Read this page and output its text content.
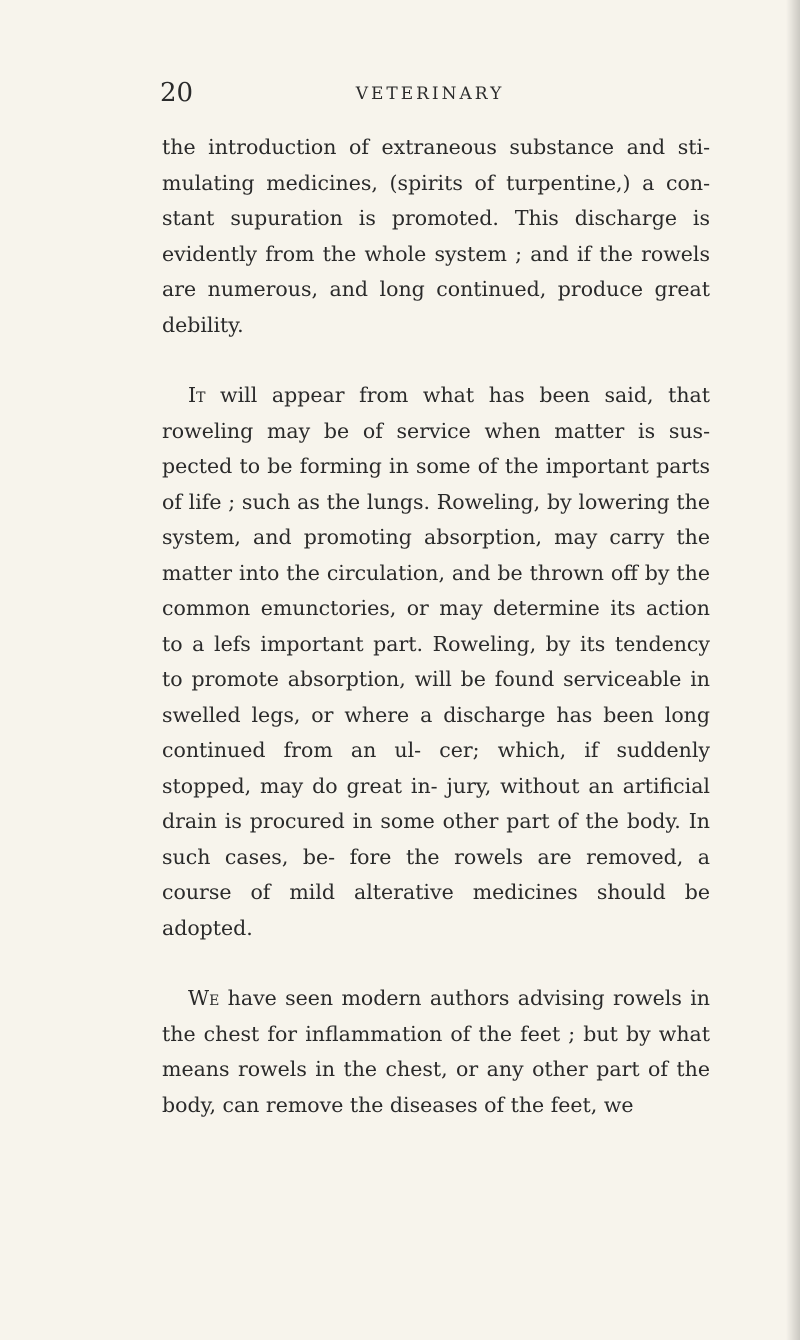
20	VETERINARY

the introduction of extraneous substance and sti- mulating medicines, (spirits of turpentine,) a con- stant supuration is promoted. This discharge is evidently from the whole system ; and if the rowels are numerous, and long continued, produce great debility.

It will appear from what has been said, that roweling may be of service when matter is sus- pected to be forming in some of the important parts of life ; such as the lungs. Roweling, by lowering the system, and promoting absorption, may carry the matter into the circulation, and be thrown off by the common emunctories, or may determine its action to a lefs important part. Roweling, by its tendency to promote absorption, will be found serviceable in swelled legs, or where a discharge has been long continued from an ul- cer; which, if suddenly stopped, may do great in- jury, without an artificial drain is procured in some other part of the body. In such cases, be- fore the rowels are removed, a course of mild alterative medicines should be adopted.

We have seen modern authors advising rowels in the chest for inflammation of the feet ; but by what means rowels in the chest, or any other part of the body, can remove the diseases of the feet, we
